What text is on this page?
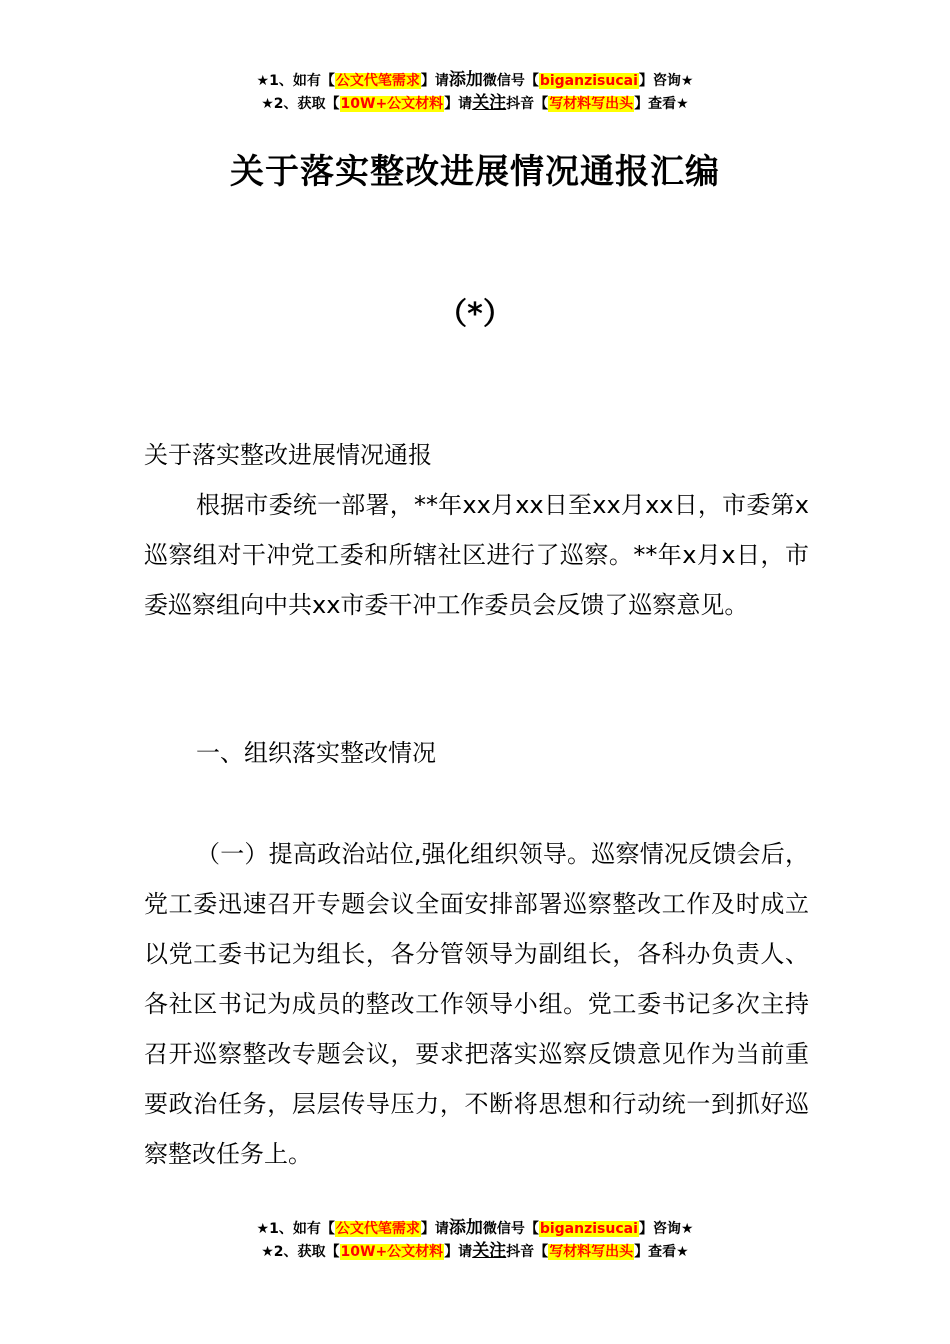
★1、如有【公文代笔需求】请添加微信号【biganzisucai】咨询★
★2、获取【10W+公文材料】请关注抖音【写材料写出头】查看★
关于落实整改进展情况通报汇编
（*）
关于落实整改进展情况通报
根据市委统一部署，**年xx月xx日至xx月xx日，市委第x巡察组对干冲党工委和所辖社区进行了巡察。**年x月x日，市委巡察组向中共xx市委干冲工作委员会反馈了巡察意见。
一、组织落实整改情况
（一）提高政治站位,强化组织领导。巡察情况反馈会后，党工委迅速召开专题会议全面安排部署巡察整改工作及时成立以党工委书记为组长，各分管领导为副组长，各科办负责人、各社区书记为成员的整改工作领导小组。党工委书记多次主持召开巡察整改专题会议，要求把落实巡察反馈意见作为当前重要政治任务，层层传导压力，不断将思想和行动统一到抓好巡察整改任务上。
★1、如有【公文代笔需求】请添加微信号【biganzisucai】咨询★
★2、获取【10W+公文材料】请关注抖音【写材料写出头】查看★
